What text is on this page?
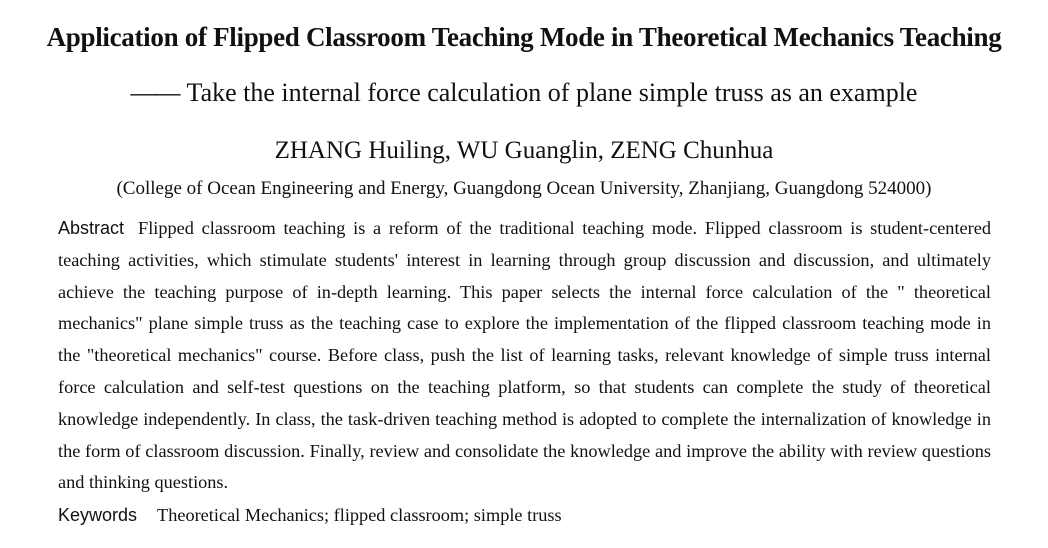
Application of Flipped Classroom Teaching Mode in Theoretical Mechanics Teaching
—— Take the internal force calculation of plane simple truss as an example
ZHANG Huiling, WU Guanglin, ZENG Chunhua
(College of Ocean Engineering and Energy, Guangdong Ocean University, Zhanjiang, Guangdong 524000)

Abstract Flipped classroom teaching is a reform of the traditional teaching mode. Flipped classroom is student-centered teaching activities, which stimulate students' interest in learning through group discussion and discussion, and ultimately achieve the teaching purpose of in-depth learning. This paper selects the internal force calculation of the " theoretical mechanics" plane simple truss as the teaching case to explore the implementation of the flipped classroom teaching mode in the "theoretical mechanics" course. Before class, push the list of learning tasks, relevant knowledge of simple truss internal force calculation and self-test questions on the teaching platform, so that students can complete the study of theoretical knowledge independently. In class, the task-driven teaching method is adopted to complete the internalization of knowledge in the form of classroom discussion. Finally, review and consolidate the knowledge and improve the ability with review questions and thinking questions.

Keywords Theoretical Mechanics; flipped classroom; simple truss
